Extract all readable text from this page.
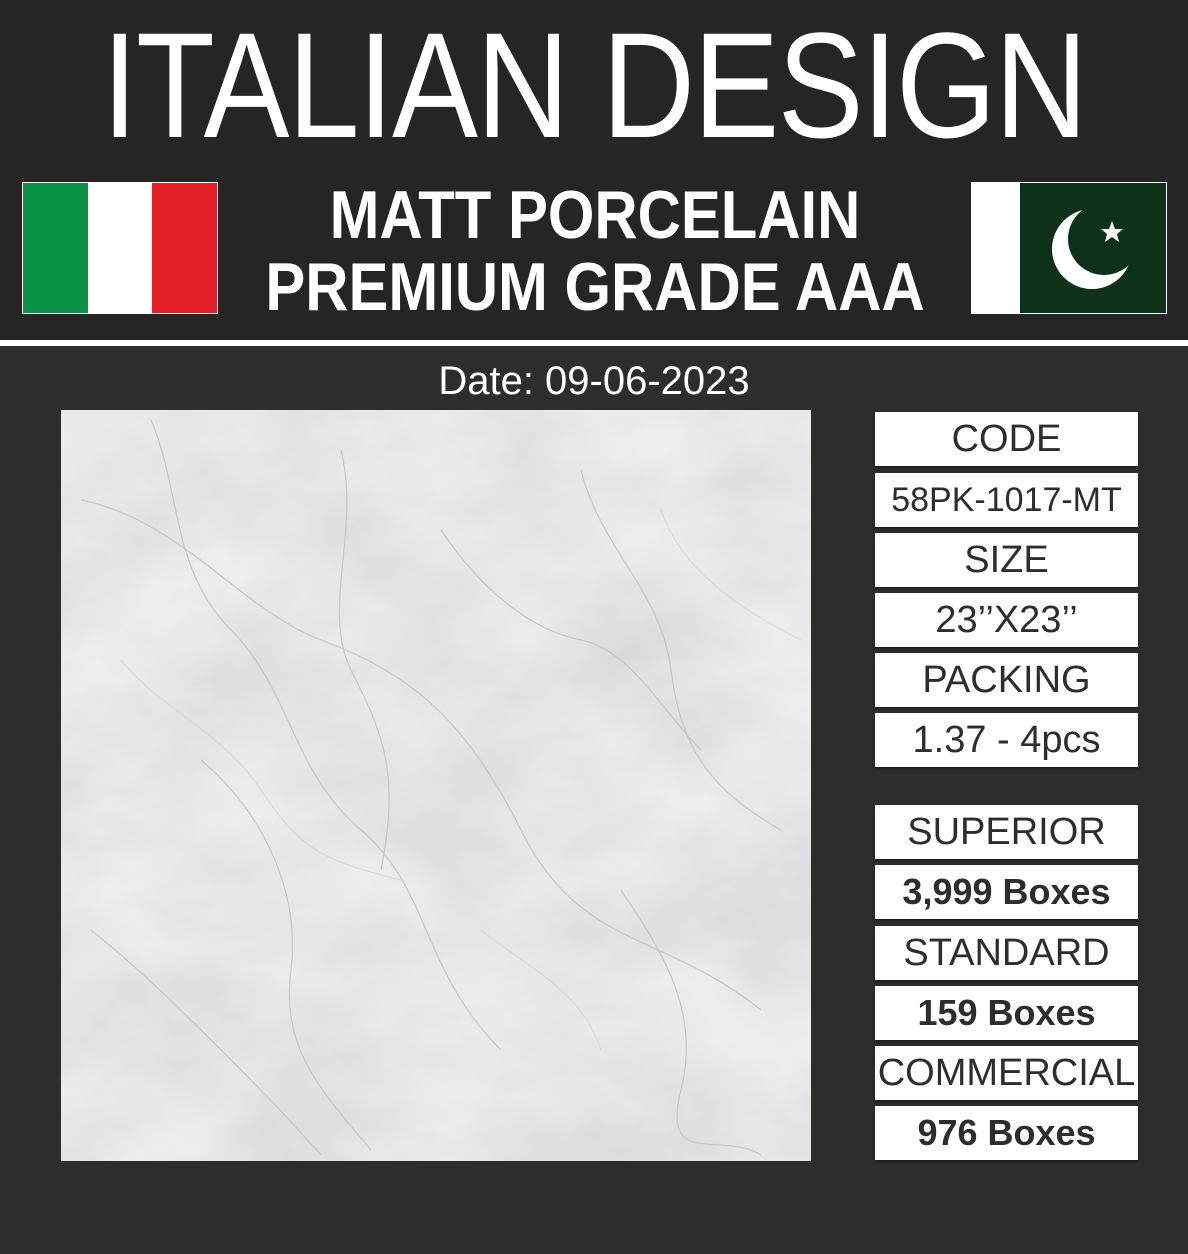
ITALIAN DESIGN
MATT PORCELAIN
PREMIUM GRADE AAA
Date: 09-06-2023
CODE
58PK-1017-MT
SIZE
23’’X23’’
PACKING
1.37 - 4pcs
SUPERIOR
3,999 Boxes
STANDARD
159 Boxes
COMMERCIAL
976 Boxes
